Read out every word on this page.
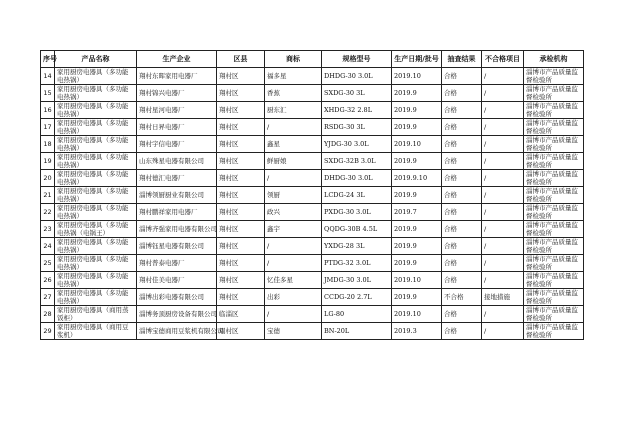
序号	产品名称	生产企业	区县	商标	规格型号	生产日期/批号	抽查结果	不合格项目	承检机构
14	家用厨房电器具（多功能电热锅）	翔村东晖家用电器厂	翔村区	福多星	DHDG-30 3.0L	2019.10	合格	/	淄博市产品质量监督检验所
15	家用厨房电器具（多功能电热锅）	翔村锦兴电器厂	翔村区	香蕉	SXDG-30 3L	2019.9	合格	/	淄博市产品质量监督检验所
16	家用厨房电器具（多功能电热锅）	翔村星河电器厂	翔村区	厨东汇	XHDG-32 2.8L	2019.9	合格	/	淄博市产品质量监督检验所
17	家用厨房电器具（多功能电热锅）	翔村日昇电器厂	翔村区	/	RSDG-30 3L	2019.9	合格	/	淄博市产品质量监督检验所
18	家用厨房电器具（多功能电热锅）	翔村宇信电器厂	翔村区	鑫星	YJDG-30 3.0L	2019.10	合格	/	淄博市产品质量监督检验所
19	家用厨房电器具（多功能电热锅）	山东殊星电器有限公司	翔村区	鲜厨娘	SXDG-32B 3.0L	2019.9	合格	/	淄博市产品质量监督检验所
20	家用厨房电器具（多功能电热锅）	翔村德汇电器厂	翔村区	/	DHDG-30 3.0L	2019.9.10	合格	/	淄博市产品质量监督检验所
21	家用厨房电器具（多功能电热锅）	淄博领厨厨业有限公司	翔村区	领厨	LCDG-24 3L	2019.9	合格	/	淄博市产品质量监督检验所
22	家用厨房电器具（多功能电热锅）	翔村鹏祥家用电器厂	翔村区	政兴	PXDG-30 3.0L	2019.7	合格	/	淄博市产品质量监督检验所
23	家用厨房电器具（多功能电热锅（电锅王）	淄博齐强家用电器有限公司	翔村区	鑫宇	QQDG-30B 4.5L	2019.9	合格	/	淄博市产品质量监督检验所
24	家用厨房电器具（多功能电热锅）	淄博钰星电器有限公司	翔村区	/	YXDG-28 3L	2019.9	合格	/	淄博市产品质量监督检验所
25	家用厨房电器具（多功能电热锅）	翔村普泰电器厂	翔村区	/	PTDG-32 3.0L	2019.9	合格	/	淄博市产品质量监督检验所
26	家用厨房电器具（多功能电热锅）	翔村佳美电器厂	翔村区	忆佳多星	JMDG-30 3.0L	2019.10	合格	/	淄博市产品质量监督检验所
27	家用厨房电器具（多功能电热锅）	淄博出彩电器有限公司	翔村区	出彩	CCDG-20 2.7L	2019.9	不合格	接地措施	淄博市产品质量监督检验所
28	家用厨房电器具（商用蒸饭柜）	淄博务顶厨房设备有限公司	临淄区	/	LG-80	2019.10	合格	/	淄博市产品质量监督检验所
29	家用厨房电器具（商用豆浆机）	淄博宝德商用豆浆机有限公司	周村区	宝德	BN-20L	2019.3	合格	/	淄博市产品质量监督检验所
